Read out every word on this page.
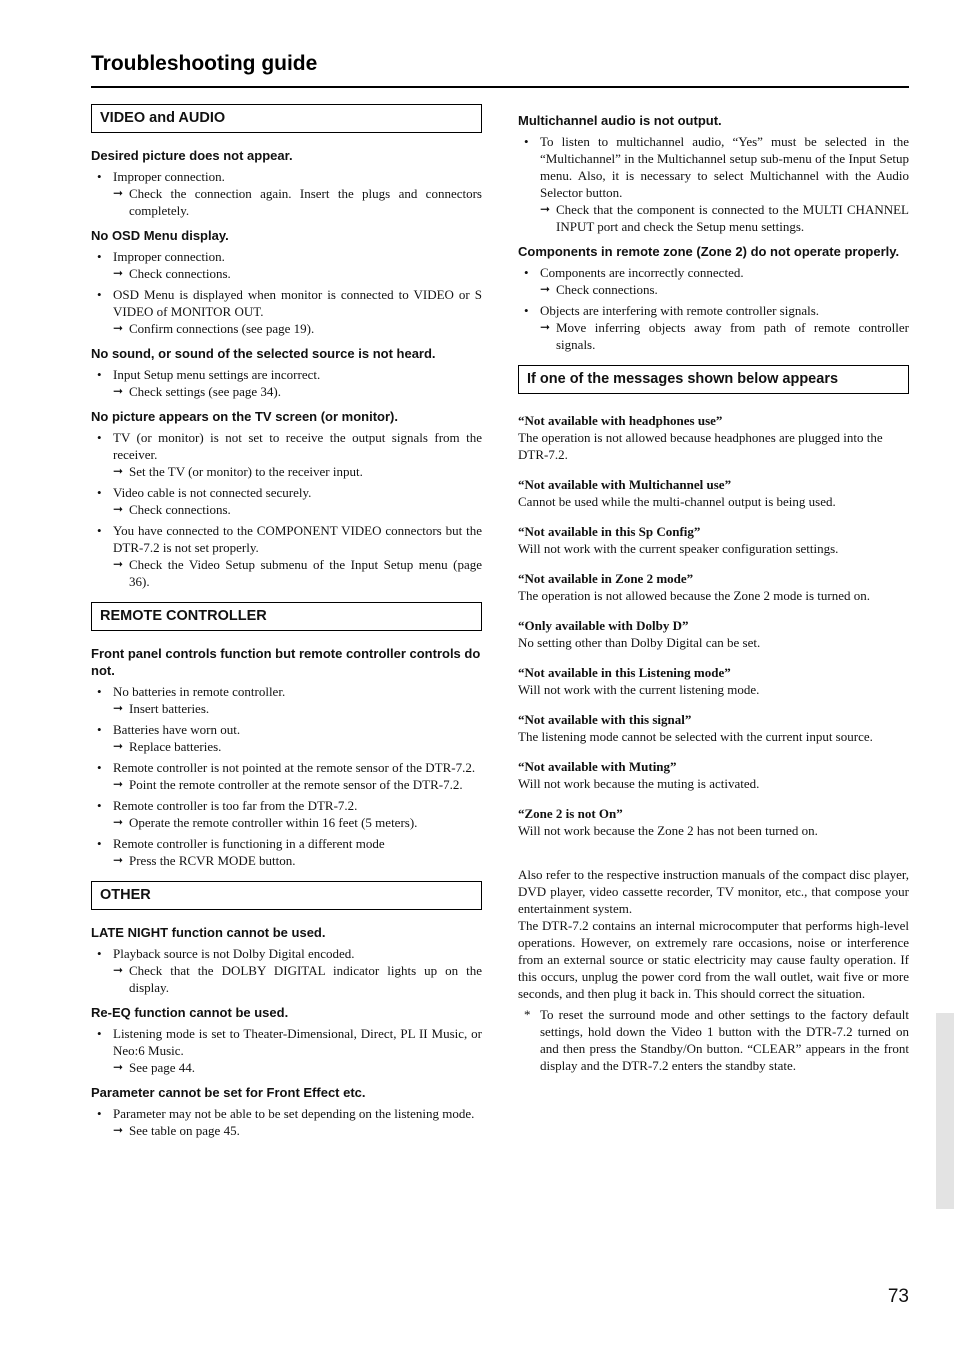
Troubleshooting guide
VIDEO and AUDIO
Desired picture does not appear.
• Improper connection.
➞ Check the connection again. Insert the plugs and connectors completely.
No OSD Menu display.
• Improper connection.
➞ Check connections.
• OSD Menu is displayed when monitor is connected to VIDEO or S VIDEO of MONITOR OUT.
➞ Confirm connections (see page 19).
No sound, or sound of the selected source is not heard.
• Input Setup menu settings are incorrect.
➞ Check settings (see page 34).
No picture appears on the TV screen (or monitor).
• TV (or monitor) is not set to receive the output signals from the receiver.
➞ Set the TV (or monitor) to the receiver input.
• Video cable is not connected securely.
➞ Check connections.
• You have connected to the COMPONENT VIDEO connectors but the DTR-7.2 is not set properly.
➞ Check the Video Setup submenu of the Input Setup menu (page 36).
REMOTE CONTROLLER
Front panel controls function but remote controller controls do not.
• No batteries in remote controller.
➞ Insert batteries.
• Batteries have worn out.
➞ Replace batteries.
• Remote controller is not pointed at the remote sensor of the DTR-7.2.
➞ Point the remote controller at the remote sensor of the DTR-7.2.
• Remote controller is too far from the DTR-7.2.
➞ Operate the remote controller within 16 feet (5 meters).
• Remote controller is functioning in a different mode
➞ Press the RCVR MODE button.
OTHER
LATE NIGHT function cannot be used.
• Playback source is not Dolby Digital encoded.
➞ Check that the DOLBY DIGITAL indicator lights up on the display.
Re-EQ function cannot be used.
• Listening mode is set to Theater-Dimensional, Direct, PL II Music, or Neo:6 Music.
➞ See page 44.
Parameter cannot be set for Front Effect etc.
• Parameter may not be able to be set depending on the listening mode.
➞ See table on page 45.
Multichannel audio is not output.
• To listen to multichannel audio, “Yes” must be selected in the “Multichannel” in the Multichannel setup sub-menu of the Input Setup menu. Also, it is necessary to select Multichannel with the Audio Selector button.
➞ Check that the component is connected to the MULTI CHANNEL INPUT port and check the Setup menu settings.
Components in remote zone (Zone 2) do not operate properly.
• Components are incorrectly connected.
➞ Check connections.
• Objects are interfering with remote controller signals.
➞ Move inferring objects away from path of remote controller signals.
If one of the messages shown below appears
“Not available with headphones use”
The operation is not allowed because headphones are plugged into the DTR-7.2.
“Not available with Multichannel use”
Cannot be used while the multi-channel output is being used.
“Not available in this Sp Config”
Will not work with the current speaker configuration settings.
“Not available in Zone 2 mode”
The operation is not allowed because the Zone 2 mode is turned on.
“Only available with Dolby D”
No setting other than Dolby Digital can be set.
“Not available in this Listening mode”
Will not work with the current listening mode.
“Not available with this signal”
The listening mode cannot be selected with the current input source.
“Not available with Muting”
Will not work because the muting is activated.
“Zone 2 is not On”
Will not work because the Zone 2 has not been turned on.
Also refer to the respective instruction manuals of the compact disc player, DVD player, video cassette recorder, TV monitor, etc., that compose your entertainment system.
The DTR-7.2 contains an internal microcomputer that performs high-level operations. However, on extremely rare occasions, noise or interference from an external source or static electricity may cause faulty operation. If this occurs, unplug the power cord from the wall outlet, wait five or more seconds, and then plug it back in. This should correct the situation.
* To reset the surround mode and other settings to the factory default settings, hold down the Video 1 button with the DTR-7.2 turned on and then press the Standby/On button. “CLEAR” appears in the front display and the DTR-7.2 enters the standby state.
73
